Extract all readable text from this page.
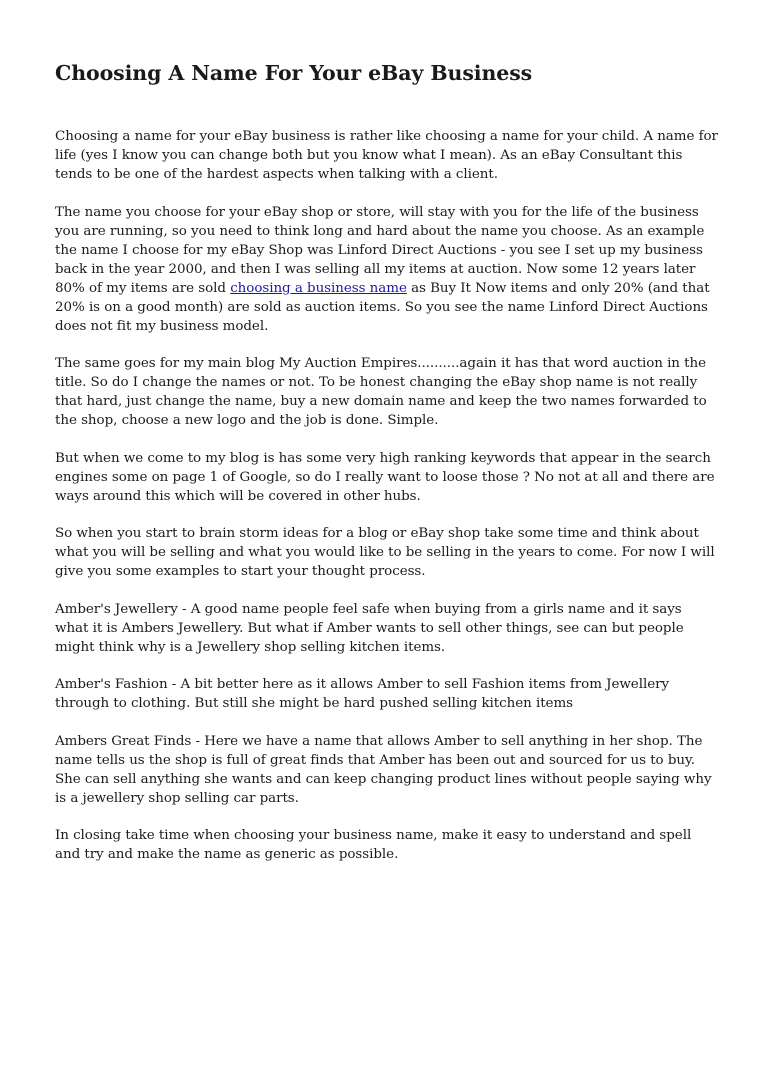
Choosing A Name For Your eBay Business

Choosing a name for your eBay business is rather like choosing a name for your child. A name for life (yes I know you can change both but you know what I mean). As an eBay Consultant this tends to be one of the hardest aspects when talking with a client.

The name you choose for your eBay shop or store, will stay with you for the life of the business you are running, so you need to think long and hard about the name you choose. As an example the name I choose for my eBay Shop was Linford Direct Auctions - you see I set up my business back in the year 2000, and then I was selling all my items at auction. Now some 12 years later 80% of my items are sold choosing a business name as Buy It Now items and only 20% (and that 20% is on a good month) are sold as auction items. So you see the name Linford Direct Auctions does not fit my business model.

The same goes for my main blog My Auction Empires..........again it has that word auction in the title. So do I change the names or not. To be honest changing the eBay shop name is not really that hard, just change the name, buy a new domain name and keep the two names forwarded to the shop, choose a new logo and the job is done. Simple.

But when we come to my blog is has some very high ranking keywords that appear in the search engines some on page 1 of Google, so do I really want to loose those ? No not at all and there are ways around this which will be covered in other hubs.

So when you start to brain storm ideas for a blog or eBay shop take some time and think about what you will be selling and what you would like to be selling in the years to come. For now I will give you some examples to start your thought process.

Amber's Jewellery - A good name people feel safe when buying from a girls name and it says what it is Ambers Jewellery. But what if Amber wants to sell other things, see can but people might think why is a Jewellery shop selling kitchen items.

Amber's Fashion - A bit better here as it allows Amber to sell Fashion items from Jewellery through to clothing. But still she might be hard pushed selling kitchen items

Ambers Great Finds - Here we have a name that allows Amber to sell anything in her shop. The name tells us the shop is full of great finds that Amber has been out and sourced for us to buy. She can sell anything she wants and can keep changing product lines without people saying why is a jewellery shop selling car parts.

In closing take time when choosing your business name, make it easy to understand and spell and try and make the name as generic as possible.
